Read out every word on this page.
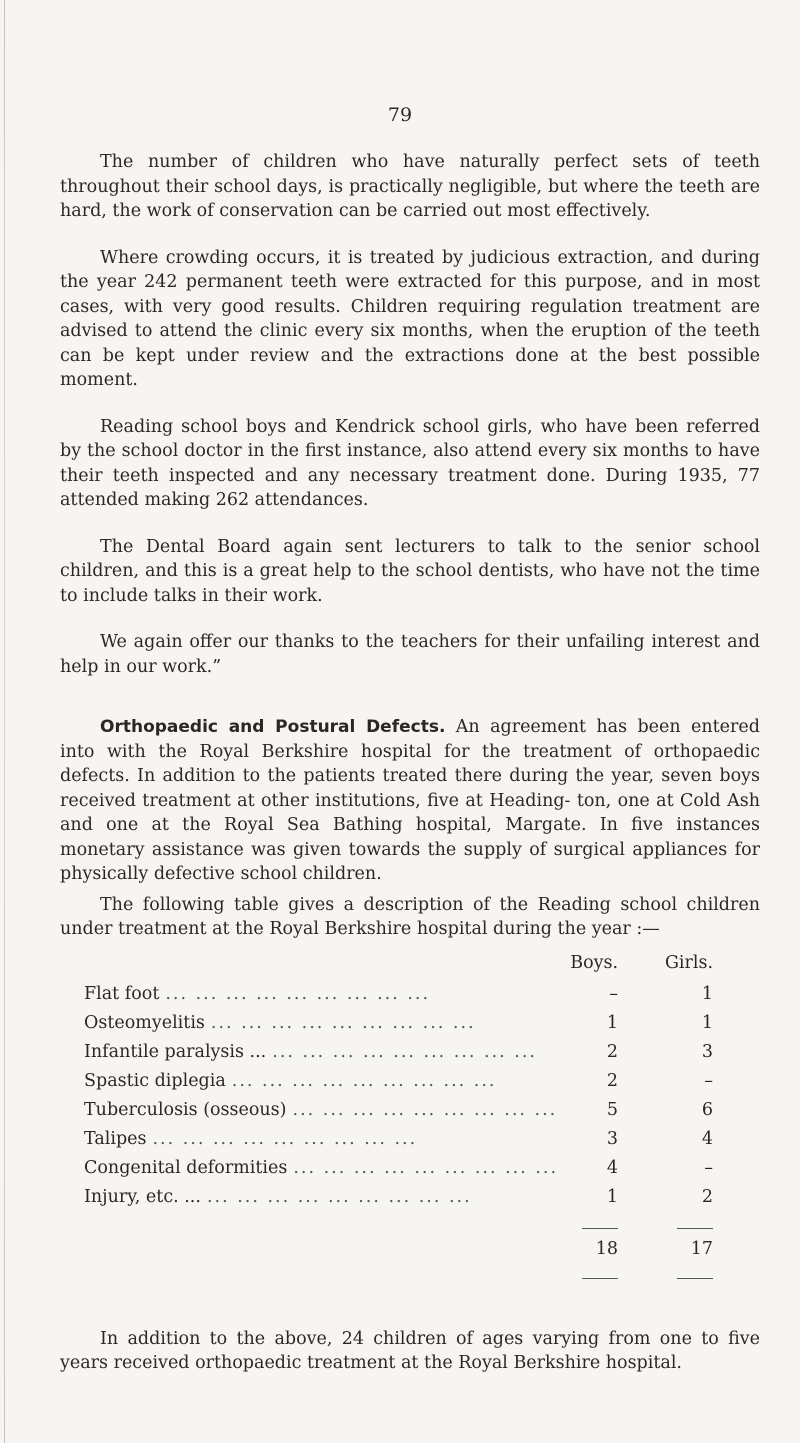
79

The number of children who have naturally perfect sets of teeth throughout their school days, is practically negligible, but where the teeth are hard, the work of conservation can be carried out most effectively.

Where crowding occurs, it is treated by judicious extraction, and during the year 242 permanent teeth were extracted for this purpose, and in most cases, with very good results. Children requiring regulation treatment are advised to attend the clinic every six months, when the eruption of the teeth can be kept under review and the extractions done at the best possible moment.

Reading school boys and Kendrick school girls, who have been referred by the school doctor in the first instance, also attend every six months to have their teeth inspected and any necessary treatment done. During 1935, 77 attended making 262 attendances.

The Dental Board again sent lecturers to talk to the senior school children, and this is a great help to the school dentists, who have not the time to include talks in their work.

We again offer our thanks to the teachers for their unfailing interest and help in our work.”

Orthopaedic and Postural Defects. An agreement has been entered into with the Royal Berkshire hospital for the treatment of orthopaedic defects. In addition to the patients treated there during the year, seven boys received treatment at other institutions, five at Heading- ton, one at Cold Ash and one at the Royal Sea Bathing hospital, Margate. In five instances monetary assistance was given towards the supply of surgical appliances for physically defective school children.

The following table gives a description of the Reading school children under treatment at the Royal Berkshire hospital during the year :—

	Boys.	Girls.
Flat foot ... ... ... ... ... ... ... ... ...	–	1
Osteomyelitis ... ... ... ... ... ... ... ... ...	1	1
Infantile paralysis ... ... ... ... ... ... ... ... ... ...	2	3
Spastic diplegia ... ... ... ... ... ... ... ... ...	2	–
Tuberculosis (osseous) ... ... ... ... ... ... ... ... ...	5	6
Talipes ... ... ... ... ... ... ... ... ...	3	4
Congenital deformities ... ... ... ... ... ... ... ... ...	4	–
Injury, etc. ... ... ... ... ... ... ... ... ... ...	1	2

	18	17

In addition to the above, 24 children of ages varying from one to five years received orthopaedic treatment at the Royal Berkshire hospital.
